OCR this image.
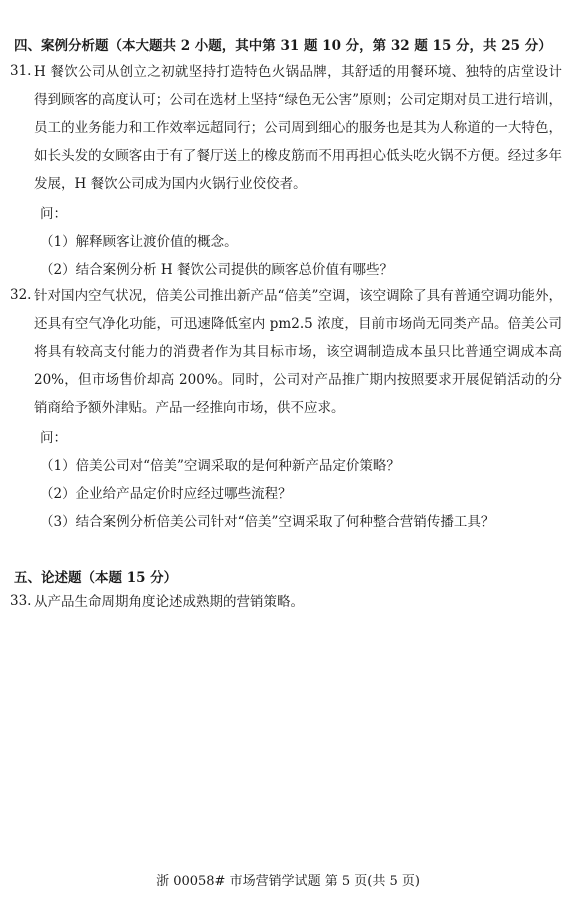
四、案例分析题（本大题共 2 小题，其中第 31 题 10 分，第 32 题 15 分，共 25 分）
31. H 餐饮公司从创立之初就坚持打造特色火锅品牌，其舒适的用餐环境、独特的店堂设计得到顾客的高度认可；公司在选材上坚持“绿色无公害”原则；公司定期对员工进行培训，员工的业务能力和工作效率远超同行；公司周到细心的服务也是其为人称道的一大特色，如长头发的女顾客由于有了餐厅送上的橡皮筋而不用再担心低头吃火锅不方便。经过多年发展，H 餐饮公司成为国内火锅行业佼佼者。
问：
（1）解释顾客让渡价值的概念。
（2）结合案例分析 H 餐饮公司提供的顾客总价值有哪些？
32. 针对国内空气状况，倍美公司推出新产品“倍美”空调，该空调除了具有普通空调功能外，还具有空气净化功能，可迅速降低室内 pm2.5 浓度，目前市场尚无同类产品。倍美公司将具有较高支付能力的消费者作为其目标市场，该空调制造成本虽只比普通空调成本高 20%，但市场售价却高 200%。同时，公司对产品推广期内按照要求开展促销活动的分销商给予额外津贴。产品一经推向市场，供不应求。
问：
（1）倍美公司对“倍美”空调采取的是何种新产品定价策略？
（2）企业给产品定价时应经过哪些流程？
（3）结合案例分析倍美公司针对“倍美”空调采取了何种整合营销传播工具？
五、论述题（本题 15 分）
33. 从产品生命周期角度论述成熟期的营销策略。
浙 00058# 市场营销学试题 第 5 页(共 5 页)
